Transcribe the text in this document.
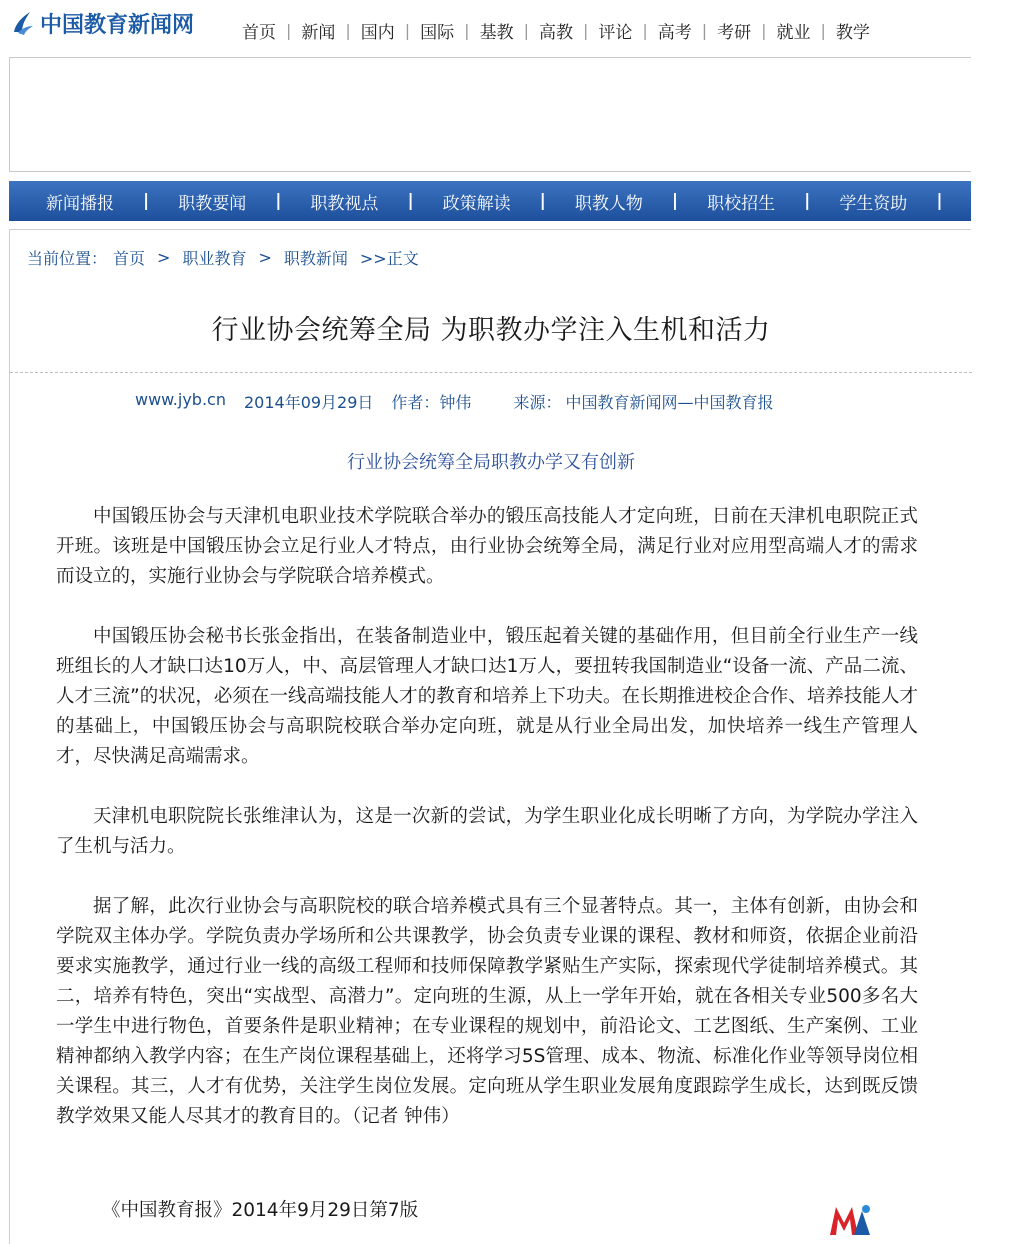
中国教育新闻网	首页 | 新闻 | 国内 | 国际 | 基教 | 高教 | 评论 | 高考 | 考研 | 就业 | 教学
新闻播报	|	职教要闻	|	职教视点	|	政策解读	|	职教人物	|	职校招生	|	学生资助	|	评
当前位置： 首页 > 职业教育 > 职教新闻 >>正文
行业协会统筹全局 为职教办学注入生机和活力
www.jyb.cn 2014年09月29日 作者：钟伟	来源： 中国教育新闻网—中国教育报
行业协会统筹全局职教办学又有创新

中国锻压协会与天津机电职业技术学院联合举办的锻压高技能人才定向班，日前在天津机电职院正式开班。该班是中国锻压协会立足行业人才特点，由行业协会统筹全局，满足行业对应用型高端人才的需求而设立的，实施行业协会与学院联合培养模式。

中国锻压协会秘书长张金指出，在装备制造业中，锻压起着关键的基础作用，但目前全行业生产一线班组长的人才缺口达10万人，中、高层管理人才缺口达1万人，要扭转我国制造业“设备一流、产品二流、人才三流”的状况，必须在一线高端技能人才的教育和培养上下功夫。在长期推进校企合作、培养技能人才的基础上，中国锻压协会与高职院校联合举办定向班，就是从行业全局出发，加快培养一线生产管理人才，尽快满足高端需求。

天津机电职院院长张维津认为，这是一次新的尝试，为学生职业化成长明晰了方向，为学院办学注入了生机与活力。

据了解，此次行业协会与高职院校的联合培养模式具有三个显著特点。其一，主体有创新，由协会和学院双主体办学。学院负责办学场所和公共课教学，协会负责专业课的课程、教材和师资，依据企业前沿要求实施教学，通过行业一线的高级工程师和技师保障教学紧贴生产实际，探索现代学徒制培养模式。其二，培养有特色，突出“实战型、高潜力”。定向班的生源，从上一学年开始，就在各相关专业500多名大一学生中进行物色，首要条件是职业精神；在专业课程的规划中，前沿论文、工艺图纸、生产案例、工业精神都纳入教学内容；在生产岗位课程基础上，还将学习5S管理、成本、物流、标准化作业等领导岗位相关课程。其三，人才有优势，关注学生岗位发展。定向班从学生职业发展角度跟踪学生成长，达到既反馈教学效果又能人尽其才的教育目的。（记者 钟伟）

《中国教育报》2014年9月29日第7版
